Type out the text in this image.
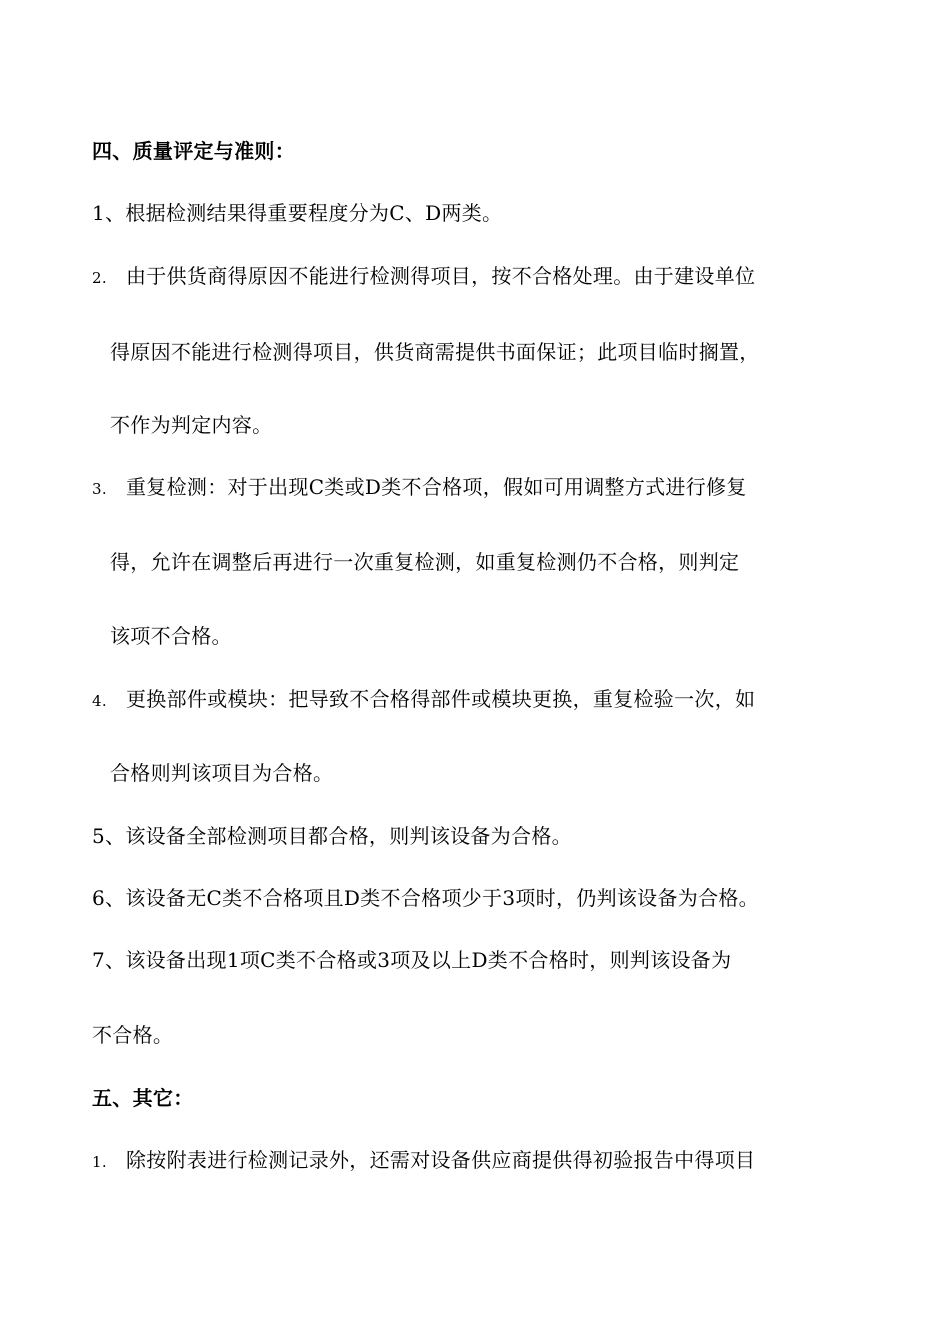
四、质量评定与准则：
1、根据检测结果得重要程度分为C、D两类。
2. 由于供货商得原因不能进行检测得项目，按不合格处理。由于建设单位
得原因不能进行检测得项目，供货商需提供书面保证；此项目临时搁置，
不作为判定内容。
3. 重复检测：对于出现C类或D类不合格项，假如可用调整方式进行修复
得，允许在调整后再进行一次重复检测，如重复检测仍不合格，则判定
该项不合格。
4. 更换部件或模块：把导致不合格得部件或模块更换，重复检验一次，如
合格则判该项目为合格。
5、该设备全部检测项目都合格，则判该设备为合格。
6、该设备无C类不合格项且D类不合格项少于3项时，仍判该设备为合格。
7、该设备出现1项C类不合格或3项及以上D类不合格时，则判该设备为
不合格。
五、其它：
1. 除按附表进行检测记录外，还需对设备供应商提供得初验报告中得项目
